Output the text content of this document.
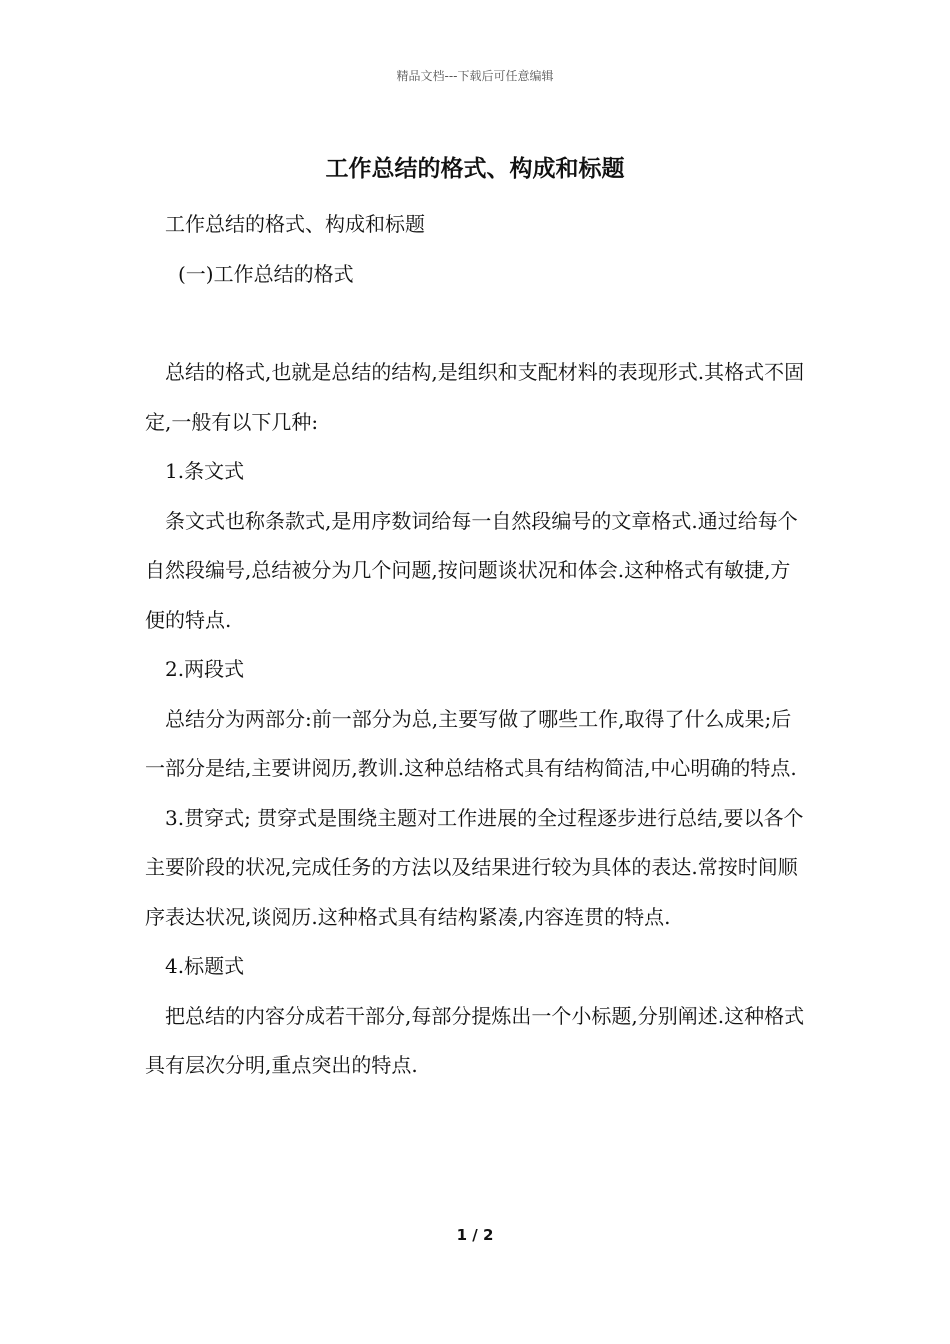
精品文档---下载后可任意编辑
工作总结的格式、构成和标题

工作总结的格式、构成和标题

(一)工作总结的格式

总结的格式,也就是总结的结构,是组织和支配材料的表现形式.其格式不固定,一般有以下几种:

1.条文式

条文式也称条款式,是用序数词给每一自然段编号的文章格式.通过给每个自然段编号,总结被分为几个问题,按问题谈状况和体会.这种格式有敏捷,方便的特点.

2.两段式

总结分为两部分:前一部分为总,主要写做了哪些工作,取得了什么成果;后一部分是结,主要讲阅历,教训.这种总结格式具有结构简洁,中心明确的特点.

3.贯穿式; 贯穿式是围绕主题对工作进展的全过程逐步进行总结,要以各个主要阶段的状况,完成任务的方法以及结果进行较为具体的表达.常按时间顺序表达状况,谈阅历.这种格式具有结构紧凑,内容连贯的特点.

4.标题式

把总结的内容分成若干部分,每部分提炼出一个小标题,分别阐述.这种格式具有层次分明,重点突出的特点.

1 / 2
